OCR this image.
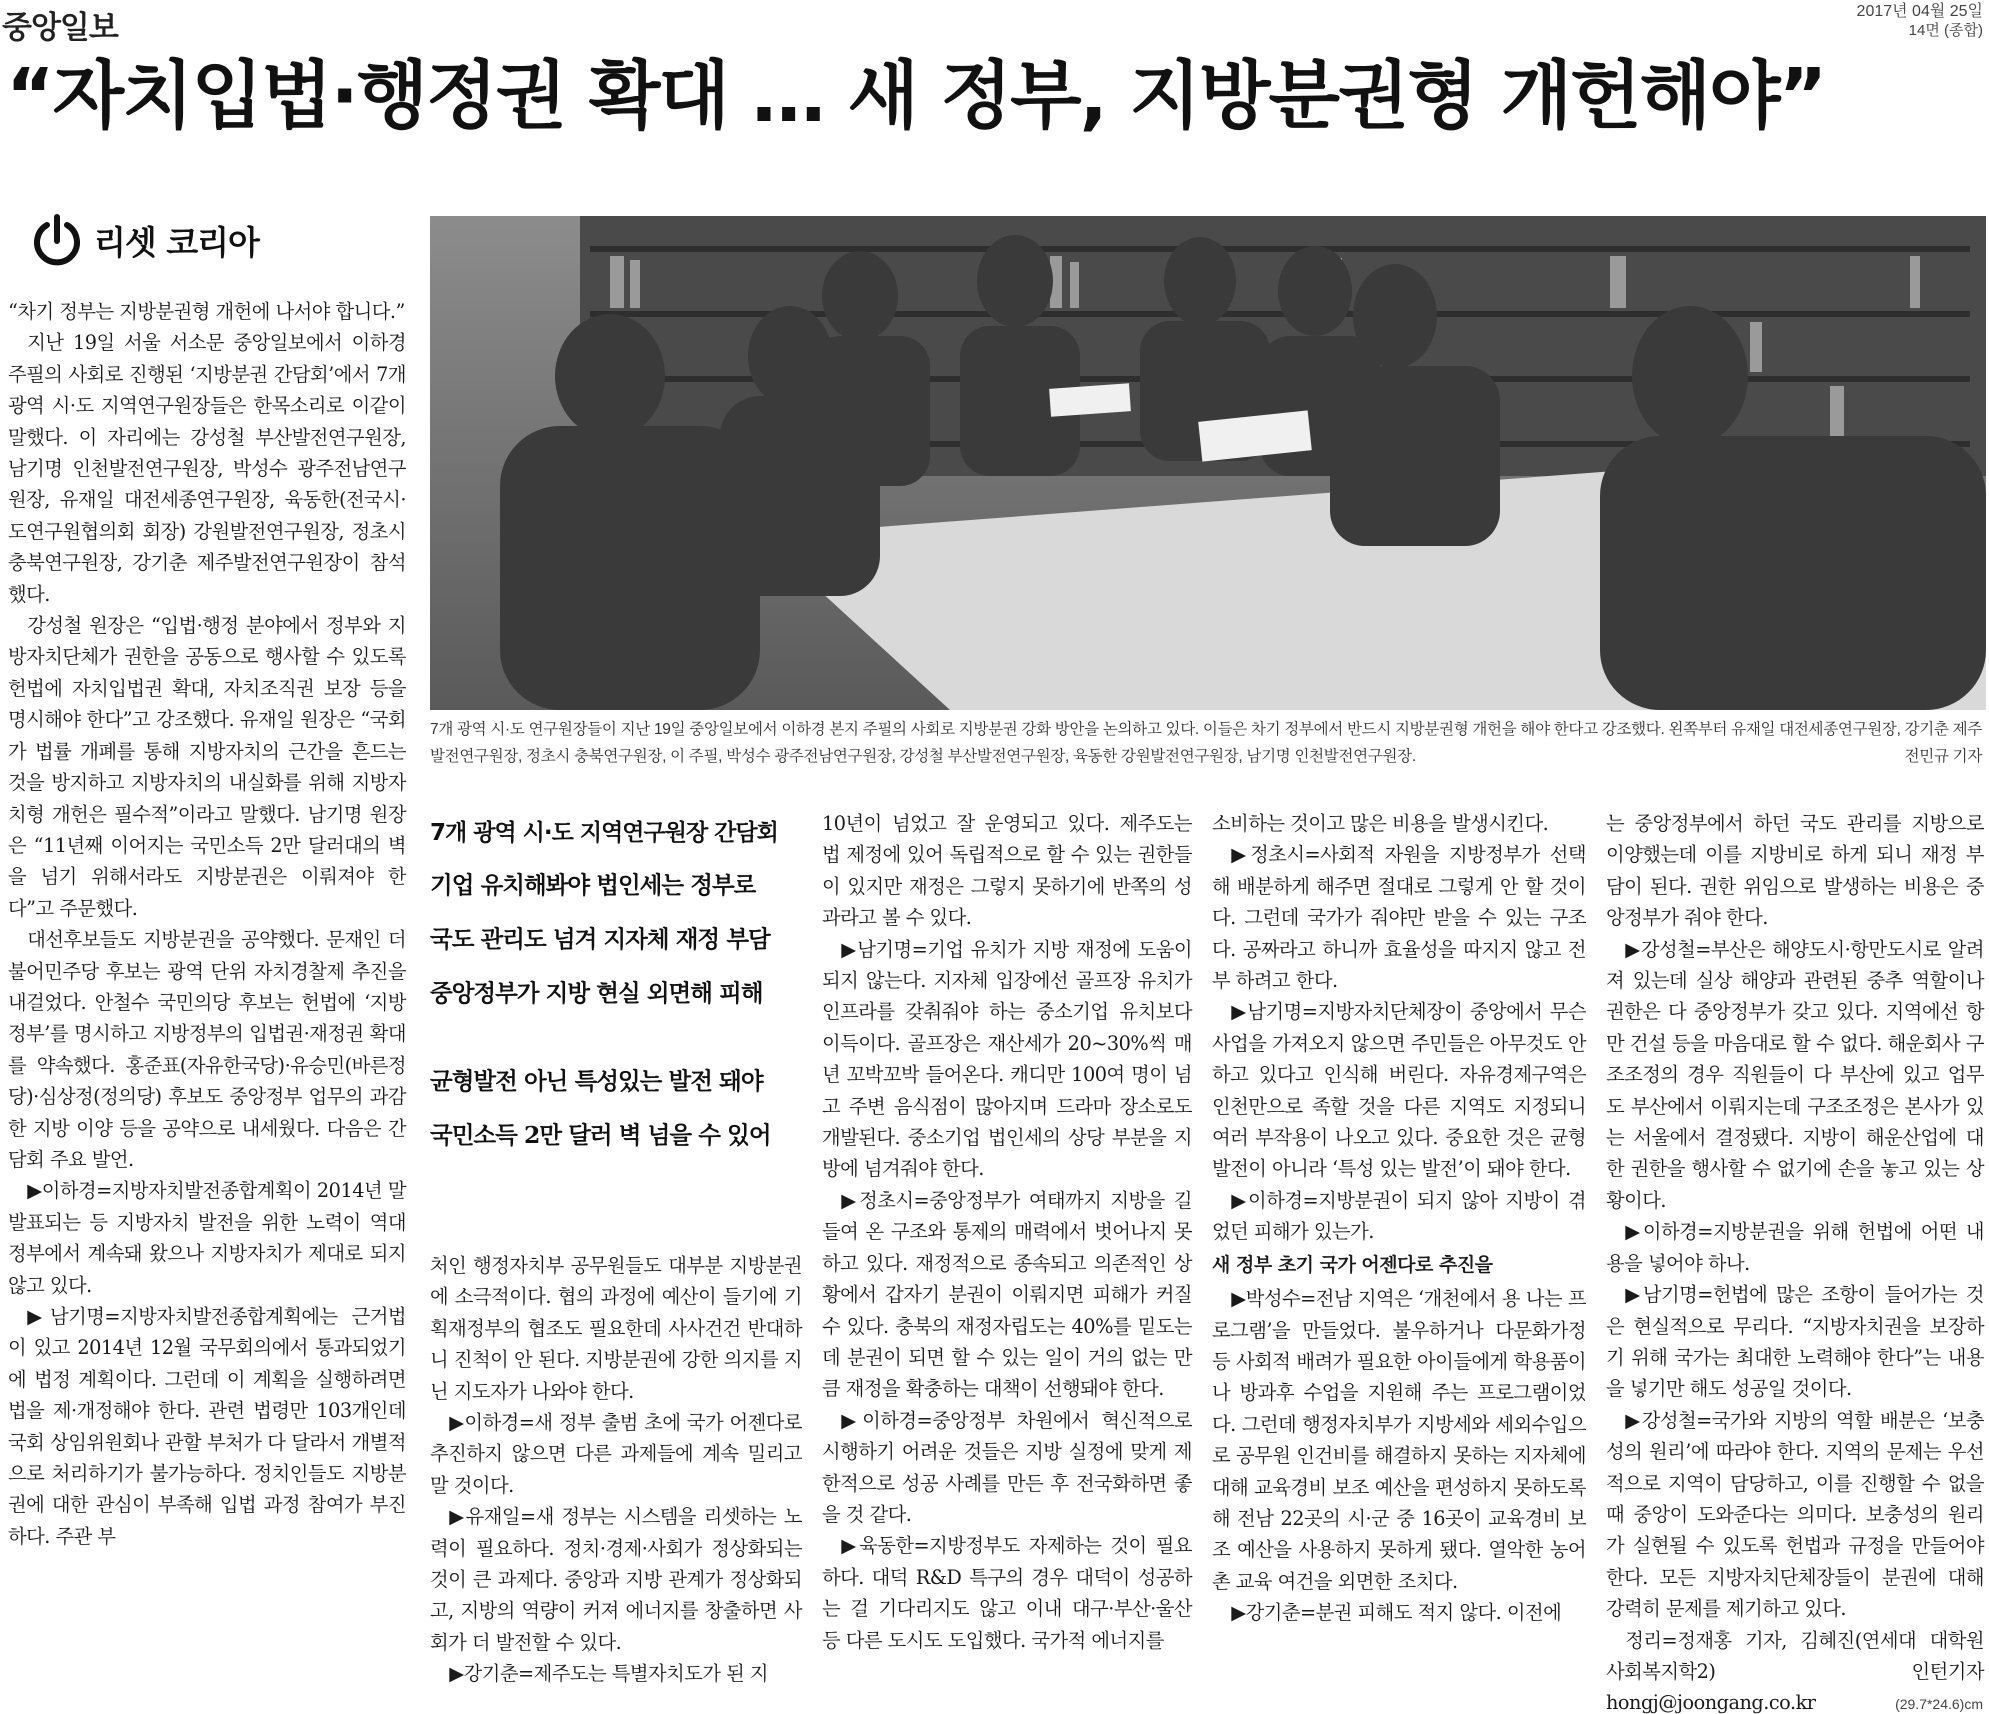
중앙일보	2017년 04월 25일
14면 (종합)
“자치입법·행정권 확대 … 새 정부, 지방분권형 개헌해야”
리셋 코리아

“차기 정부는 지방분권형 개헌에 나서야 합니다.”

지난 19일 서울 서소문 중앙일보에서 이하경 주필의 사회로 진행된 ‘지방분권 간담회’에서 7개 광역 시·도 지역연구원장들은 한목소리로 이같이 말했다. 이 자리에는 강성철 부산발전연구원장, 남기명 인천발전연구원장, 박성수 광주전남연구원장, 유재일 대전세종연구원장, 육동한(전국시·도연구원협의회 회장) 강원발전연구원장, 정초시 충북연구원장, 강기춘 제주발전연구원장이 참석했다.

강성철 원장은 “입법·행정 분야에서 정부와 지방자치단체가 권한을 공동으로 행사할 수 있도록 헌법에 자치입법권 확대, 자치조직권 보장 등을 명시해야 한다”고 강조했다. 유재일 원장은 “국회가 법률 개폐를 통해 지방자치의 근간을 흔드는 것을 방지하고 지방자치의 내실화를 위해 지방자치형 개헌은 필수적”이라고 말했다. 남기명 원장은 “11년째 이어지는 국민소득 2만 달러대의 벽을 넘기 위해서라도 지방분권은 이뤄져야 한다”고 주문했다.

대선후보들도 지방분권을 공약했다. 문재인 더불어민주당 후보는 광역 단위 자치경찰제 추진을 내걸었다. 안철수 국민의당 후보는 헌법에 ‘지방정부’를 명시하고 지방정부의 입법권·재정권 확대를 약속했다. 홍준표(자유한국당)·유승민(바른정당)·심상정(정의당) 후보도 중앙정부 업무의 과감한 지방 이양 등을 공약으로 내세웠다. 다음은 간담회 주요 발언.

▶이하경=지방자치발전종합계획이 2014년 말 발표되는 등 지방자치 발전을 위한 노력이 역대 정부에서 계속돼 왔으나 지방자치가 제대로 되지 않고 있다.

▶남기명=지방자치발전종합계획에는 근거법이 있고 2014년 12월 국무회의에서 통과되었기에 법정 계획이다. 그런데 이 계획을 실행하려면 법을 제·개정해야 한다. 관련 법령만 103개인데 국회 상임위원회나 관할 부처가 다 달라서 개별적으로 처리하기가 불가능하다. 정치인들도 지방분권에 대한 관심이 부족해 입법 과정 참여가 부진하다. 주관 부

7개 광역 시·도 연구원장들이 지난 19일 중앙일보에서 이하경 본지 주필의 사회로 지방분권 강화 방안을 논의하고 있다. 이들은 차기 정부에서 반드시 지방분권형 개헌을 해야 한다고 강조했다. 왼쪽부터 유재일 대전세종연구원장, 강기춘 제주발전연구원장, 정초시 충북연구원장, 이 주필, 박성수 광주전남연구원장, 강성철 부산발전연구원장, 육동한 강원발전연구원장, 남기명 인천발전연구원장.	전민규 기자
7개 광역 시·도 지역연구원장 간담회
기업 유치해봐야 법인세는 정부로
국도 관리도 넘겨 지자체 재정 부담
중앙정부가 지방 현실 외면해 피해
균형발전 아닌 특성있는 발전 돼야
국민소득 2만 달러 벽 넘을 수 있어

처인 행정자치부 공무원들도 대부분 지방분권에 소극적이다. 협의 과정에 예산이 들기에 기획재정부의 협조도 필요한데 사사건건 반대하니 진척이 안 된다. 지방분권에 강한 의지를 지닌 지도자가 나와야 한다.

▶이하경=새 정부 출범 초에 국가 어젠다로 추진하지 않으면 다른 과제들에 계속 밀리고 말 것이다.

▶유재일=새 정부는 시스템을 리셋하는 노력이 필요하다. 정치·경제·사회가 정상화되는 것이 큰 과제다. 중앙과 지방 관계가 정상화되고, 지방의 역량이 커져 에너지를 창출하면 사회가 더 발전할 수 있다.

▶강기춘=제주도는 특별자치도가 된 지

10년이 넘었고 잘 운영되고 있다. 제주도는 법 제정에 있어 독립적으로 할 수 있는 권한들이 있지만 재정은 그렇지 못하기에 반쪽의 성과라고 볼 수 있다.

▶남기명=기업 유치가 지방 재정에 도움이 되지 않는다. 지자체 입장에선 골프장 유치가 인프라를 갖춰줘야 하는 중소기업 유치보다 이득이다. 골프장은 재산세가 20~30%씩 매년 꼬박꼬박 들어온다. 캐디만 100여 명이 넘고 주변 음식점이 많아지며 드라마 장소로도 개발된다. 중소기업 법인세의 상당 부분을 지방에 넘겨줘야 한다.

▶정초시=중앙정부가 여태까지 지방을 길들여 온 구조와 통제의 매력에서 벗어나지 못하고 있다. 재정적으로 종속되고 의존적인 상황에서 갑자기 분권이 이뤄지면 피해가 커질 수 있다. 충북의 재정자립도는 40%를 밑도는데 분권이 되면 할 수 있는 일이 거의 없는 만큼 재정을 확충하는 대책이 선행돼야 한다.

▶이하경=중앙정부 차원에서 혁신적으로 시행하기 어려운 것들은 지방 실정에 맞게 제한적으로 성공 사례를 만든 후 전국화하면 좋을 것 같다.

▶육동한=지방정부도 자제하는 것이 필요하다. 대덕 R&D 특구의 경우 대덕이 성공하는 걸 기다리지도 않고 이내 대구·부산·울산 등 다른 도시도 도입했다. 국가적 에너지를

소비하는 것이고 많은 비용을 발생시킨다.

▶정초시=사회적 자원을 지방정부가 선택해 배분하게 해주면 절대로 그렇게 안 할 것이다. 그런데 국가가 줘야만 받을 수 있는 구조다. 공짜라고 하니까 효율성을 따지지 않고 전부 하려고 한다.

▶남기명=지방자치단체장이 중앙에서 무슨 사업을 가져오지 않으면 주민들은 아무것도 안 하고 있다고 인식해 버린다. 자유경제구역은 인천만으로 족할 것을 다른 지역도 지정되니 여러 부작용이 나오고 있다. 중요한 것은 균형발전이 아니라 ‘특성 있는 발전’이 돼야 한다.

▶이하경=지방분권이 되지 않아 지방이 겪었던 피해가 있는가.

새 정부 초기 국가 어젠다로 추진을

▶박성수=전남 지역은 ‘개천에서 용 나는 프로그램’을 만들었다. 불우하거나 다문화가정 등 사회적 배려가 필요한 아이들에게 학용품이나 방과후 수업을 지원해 주는 프로그램이었다. 그런데 행정자치부가 지방세와 세외수입으로 공무원 인건비를 해결하지 못하는 지자체에 대해 교육경비 보조 예산을 편성하지 못하도록 해 전남 22곳의 시·군 중 16곳이 교육경비 보조 예산을 사용하지 못하게 됐다. 열악한 농어촌 교육 여건을 외면한 조치다.

▶강기춘=분권 피해도 적지 않다. 이전에

는 중앙정부에서 하던 국도 관리를 지방으로 이양했는데 이를 지방비로 하게 되니 재정 부담이 된다. 권한 위임으로 발생하는 비용은 중앙정부가 줘야 한다.

▶강성철=부산은 해양도시·항만도시로 알려져 있는데 실상 해양과 관련된 중추 역할이나 권한은 다 중앙정부가 갖고 있다. 지역에선 항만 건설 등을 마음대로 할 수 없다. 해운회사 구조조정의 경우 직원들이 다 부산에 있고 업무도 부산에서 이뤄지는데 구조조정은 본사가 있는 서울에서 결정됐다. 지방이 해운산업에 대한 권한을 행사할 수 없기에 손을 놓고 있는 상황이다.

▶이하경=지방분권을 위해 헌법에 어떤 내용을 넣어야 하나.

▶남기명=헌법에 많은 조항이 들어가는 것은 현실적으로 무리다. “지방자치권을 보장하기 위해 국가는 최대한 노력해야 한다”는 내용을 넣기만 해도 성공일 것이다.

▶강성철=국가와 지방의 역할 배분은 ‘보충성의 원리’에 따라야 한다. 지역의 문제는 우선적으로 지역이 담당하고, 이를 진행할 수 없을 때 중앙이 도와준다는 의미다. 보충성의 원리가 실현될 수 있도록 헌법과 규정을 만들어야 한다. 모든 지방자치단체장들이 분권에 대해 강력히 문제를 제기하고 있다.

정리=정재홍 기자, 김혜진(연세대 대학원 사회복지학2) 인턴기자 hongj@joongang.co.kr	(29.7*24.6)cm
